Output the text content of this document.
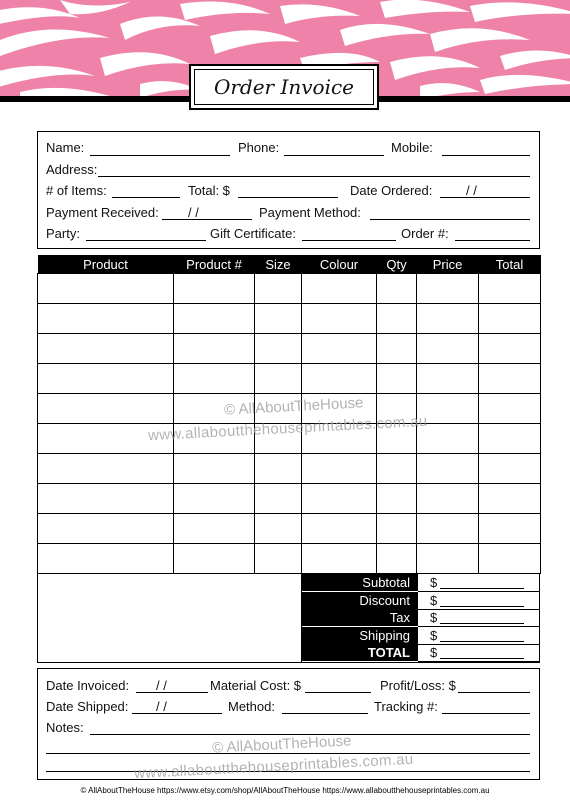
Order Invoice
Name:	Phone:	Mobile:
Address:
# of Items:	Total: $	Date Ordered:	/ /
Payment Received: / /	Payment Method:
Party:	Gift Certificate:	Order #:
Product	Product #	Size	Colour	Qty	Price	Total

Subtotal	$
Discount	$
Tax	$
Shipping	$
TOTAL	$
Date Invoiced: / /	Material Cost: $	Profit/Loss: $
Date Shipped: / /	Method:	Tracking #:
Notes:
© AllAboutTheHouse
www.allaboutthehouseprintables.com.au
© AllAboutTheHouse
www.allaboutthehouseprintables.com.au
© AllAboutTheHouse https://www.etsy.com/shop/AllAboutTheHouse https://www.allaboutthehouseprintables.com.au
